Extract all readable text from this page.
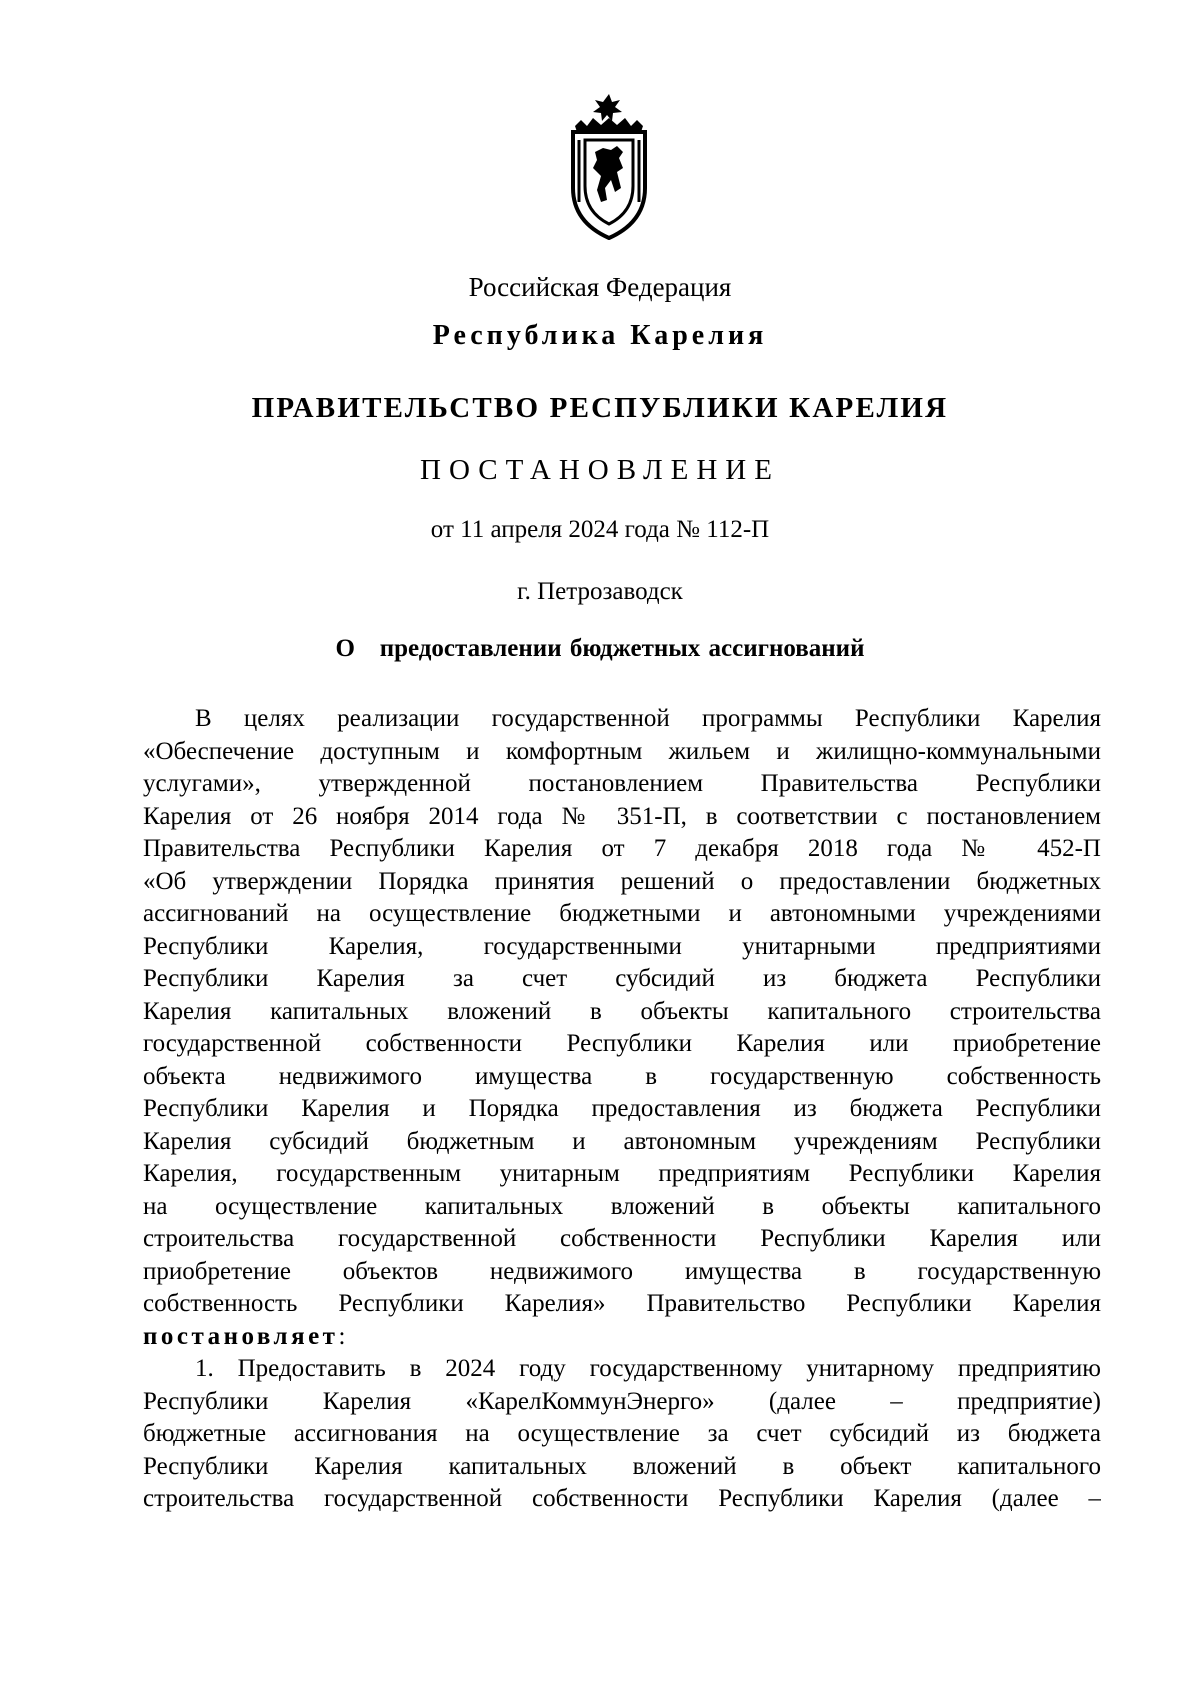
Российская Федерация
Республика Карелия
ПРАВИТЕЛЬСТВО РЕСПУБЛИКИ КАРЕЛИЯ
ПОСТАНОВЛЕНИЕ
от 11 апреля 2024 года № 112-П
г. Петрозаводск
О   предоставлении бюджетных ассигнований
В целях реализации государственной программы Республики Карелия
«Обеспечение доступным и комфортным жильем и жилищно-коммунальными
услугами», утвержденной постановлением Правительства Республики
Карелия от 26 ноября 2014 года № 351-П, в соответствии с постановлением
Правительства Республики Карелия от 7 декабря 2018 года № 452-П
«Об утверждении Порядка принятия решений о предоставлении бюджетных
ассигнований на осуществление бюджетными и автономными учреждениями
Республики Карелия, государственными унитарными предприятиями
Республики Карелия за счет субсидий из бюджета Республики
Карелия капитальных вложений в объекты капитального строительства
государственной собственности Республики Карелия или приобретение
объекта недвижимого имущества в государственную собственность
Республики Карелия и Порядка предоставления из бюджета Республики
Карелия субсидий бюджетным и автономным учреждениям Республики
Карелия, государственным унитарным предприятиям Республики Карелия
на осуществление капитальных вложений в объекты капитального
строительства государственной собственности Республики Карелия или
приобретение объектов недвижимого имущества в государственную
собственность Республики Карелия» Правительство Республики Карелия
постановляет:
1. Предоставить в 2024 году государственному унитарному предприятию
Республики Карелия «КарелКоммунЭнерго» (далее – предприятие)
бюджетные ассигнования на осуществление за счет субсидий из бюджета
Республики Карелия капитальных вложений в объект капитального
строительства государственной собственности Республики Карелия (далее –
